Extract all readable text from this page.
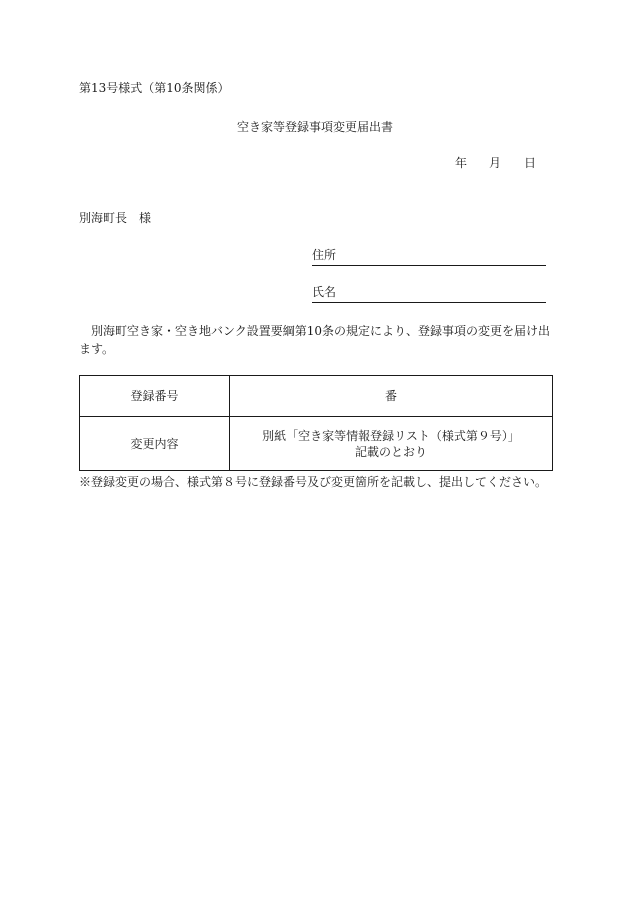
第13号様式（第10条関係）
空き家等登録事項変更届出書
年 月 日
別海町長　様
住所
氏名
別海町空き家・空き地バンク設置要綱第10条の規定により、登録事項の変更を届け出ます。
登録番号	番

変更内容	別紙「空き家等情報登録リスト（様式第９号）」
記載のとおり
※登録変更の場合、様式第８号に登録番号及び変更箇所を記載し、提出してください。
